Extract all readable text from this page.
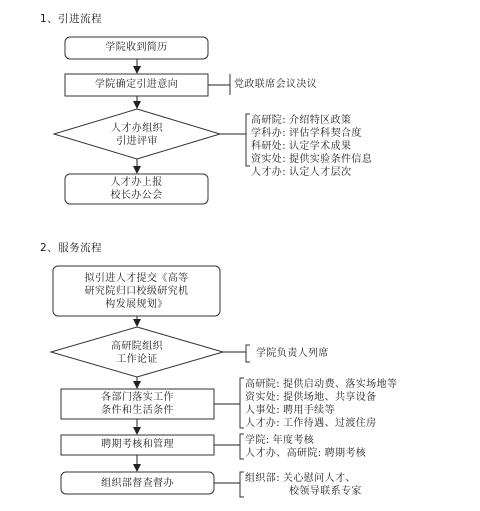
1、引进流程
2、服务流程
学院收到简历
学院确定引进意向
人才办组织
引进评审
人才办上报
校长办公会
党政联席会议决议
高研院: 介绍特区政策
学科办: 评估学科契合度
科研处: 认定学术成果
资实处: 提供实验条件信息
人才办: 认定人才层次
拟引进人才提交《高等
研究院归口校级研究机
构发展规划》
高研院组织
工作论证
各部门落实工作
条件和生活条件
聘期考核和管理
组织部督查督办
学院负责人列席
高研院: 提供启动费、落实场地等
资实处: 提供场地、共享设备
人事处: 聘用手续等
人才办: 工作待遇、过渡住房
学院: 年度考核
人才办、高研院: 聘期考核
组织部: 关心慰问人才、
校领导联系专家
